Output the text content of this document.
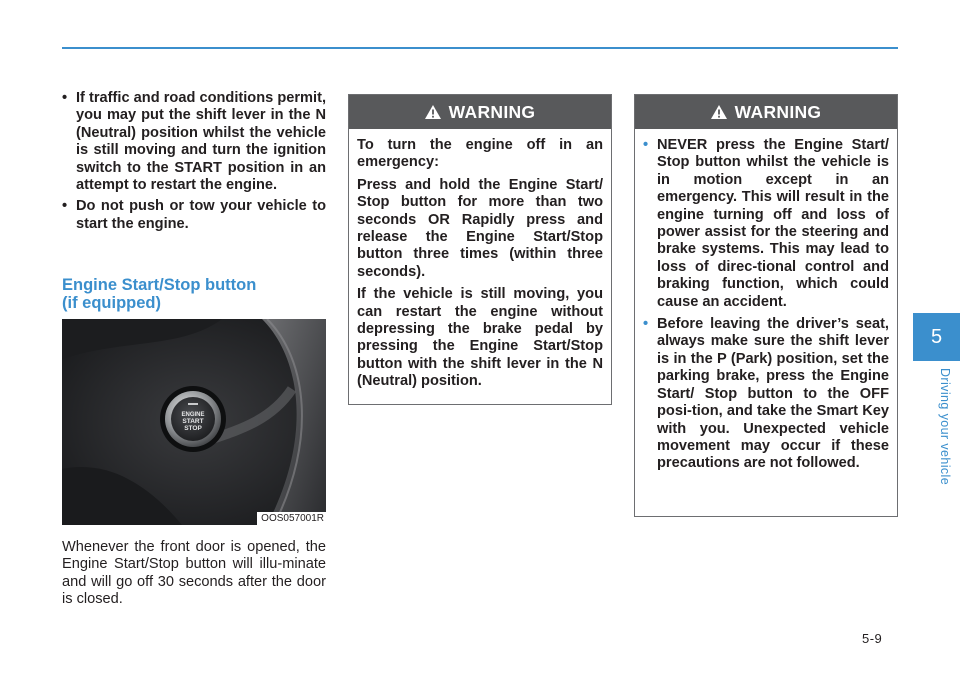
• If traffic and road conditions permit, you may put the shift lever in the N (Neutral) position whilst the vehicle is still moving and turn the ignition switch to the START position in an attempt to restart the engine.
• Do not push or tow your vehicle to start the engine.
Engine Start/Stop button
(if equipped)
ENGINE
START
STOP
OOS057001R

Whenever the front door is opened, the Engine Start/Stop button will illu-minate and will go off 30 seconds after the door is closed.

WARNING

To turn the engine off in an emergency:

Press and hold the Engine Start/ Stop button for more than two seconds OR Rapidly press and release the Engine Start/Stop button three times (within three seconds).

If the vehicle is still moving, you can restart the engine without depressing the brake pedal by pressing the Engine Start/Stop button with the shift lever in the N (Neutral) position.

WARNING
• NEVER press the Engine Start/ Stop button whilst the vehicle is in motion except in an emergency. This will result in the engine turning off and loss of power assist for the steering and brake systems. This may lead to loss of direc-tional control and braking function, which could cause an accident.
• Before leaving the driver’s seat, always make sure the shift lever is in the P (Park) position, set the parking brake, press the Engine Start/ Stop button to the OFF posi-tion, and take the Smart Key with you. Unexpected vehicle movement may occur if these precautions are not followed.
5
Driving your vehicle
5-9
